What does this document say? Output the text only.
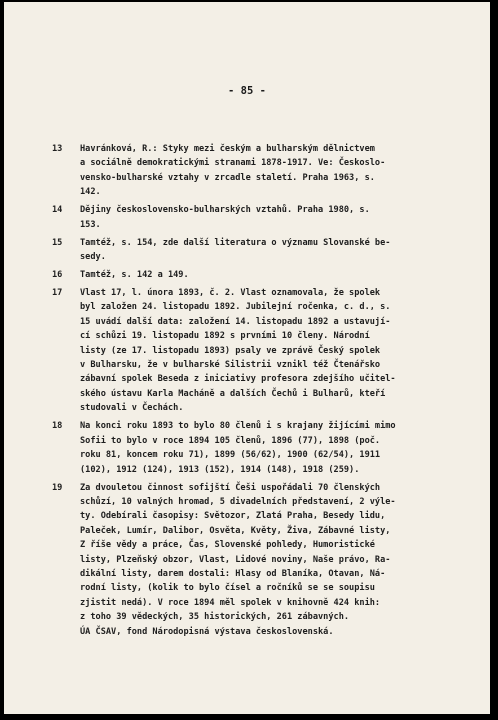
- 85 -
13	Havránková, R.: Styky mezi českým a bulharským dělnictvem
a sociálně demokratickými stranami 1878-1917. Ve: Českoslo-
vensko-bulharské vztahy v zrcadle staletí. Praha 1963, s.
142.
14	Dějiny československo-bulharských vztahů. Praha 1980, s.
153.
15	Tamtéž, s. 154, zde další literatura o významu Slovanské be-
sedy.
16	Tamtéž, s. 142 a 149.
17	Vlast 17, l. února 1893, č. 2. Vlast oznamovala, že spolek
byl založen 24. listopadu 1892. Jubilejní ročenka, c. d., s.
15 uvádí další data: založení 14. listopadu 1892 a ustavují-
cí schůzi 19. listopadu 1892 s prvními 10 členy. Národní
listy (ze 17. listopadu 1893) psaly ve zprávě Český spolek
v Bulharsku, že v bulharské Silistrii vznikl též Čtenářsko
zábavní spolek Beseda z iniciativy profesora zdejšího učitel-
ského ústavu Karla Macháně a dalších Čechů i Bulharů, kteří
studovali v Čechách.
18	Na konci roku 1893 to bylo 80 členů i s krajany žijícími mimo
Sofii to bylo v roce 1894 105 členů, 1896 (77), 1898 (poč.
roku 81, koncem roku 71), 1899 (56/62), 1900 (62/54), 1911
(102), 1912 (124), 1913 (152), 1914 (148), 1918 (259).
19	Za dvouletou činnost sofijští Češi uspořádali 70 členských
schůzí, 10 valných hromad, 5 divadelních představení, 2 výle-
ty. Odebírali časopisy: Světozor, Zlatá Praha, Besedy lidu,
Paleček, Lumír, Dalibor, Osvěta, Květy, Živa, Zábavné listy,
Z říše vědy a práce, Čas, Slovenské pohledy, Humoristické
listy, Plzeňský obzor, Vlast, Lidové noviny, Naše právo, Ra-
dikální listy, darem dostali: Hlasy od Blaníka, Otavan, Ná-
rodní listy, (kolik to bylo čísel a ročníků se se soupisu
zjistit nedá). V roce 1894 měl spolek v knihovně 424 knih:
z toho 39 vědeckých, 35 historických, 261 zábavných.
ÚA ČSAV, fond Národopisná výstava československá.
